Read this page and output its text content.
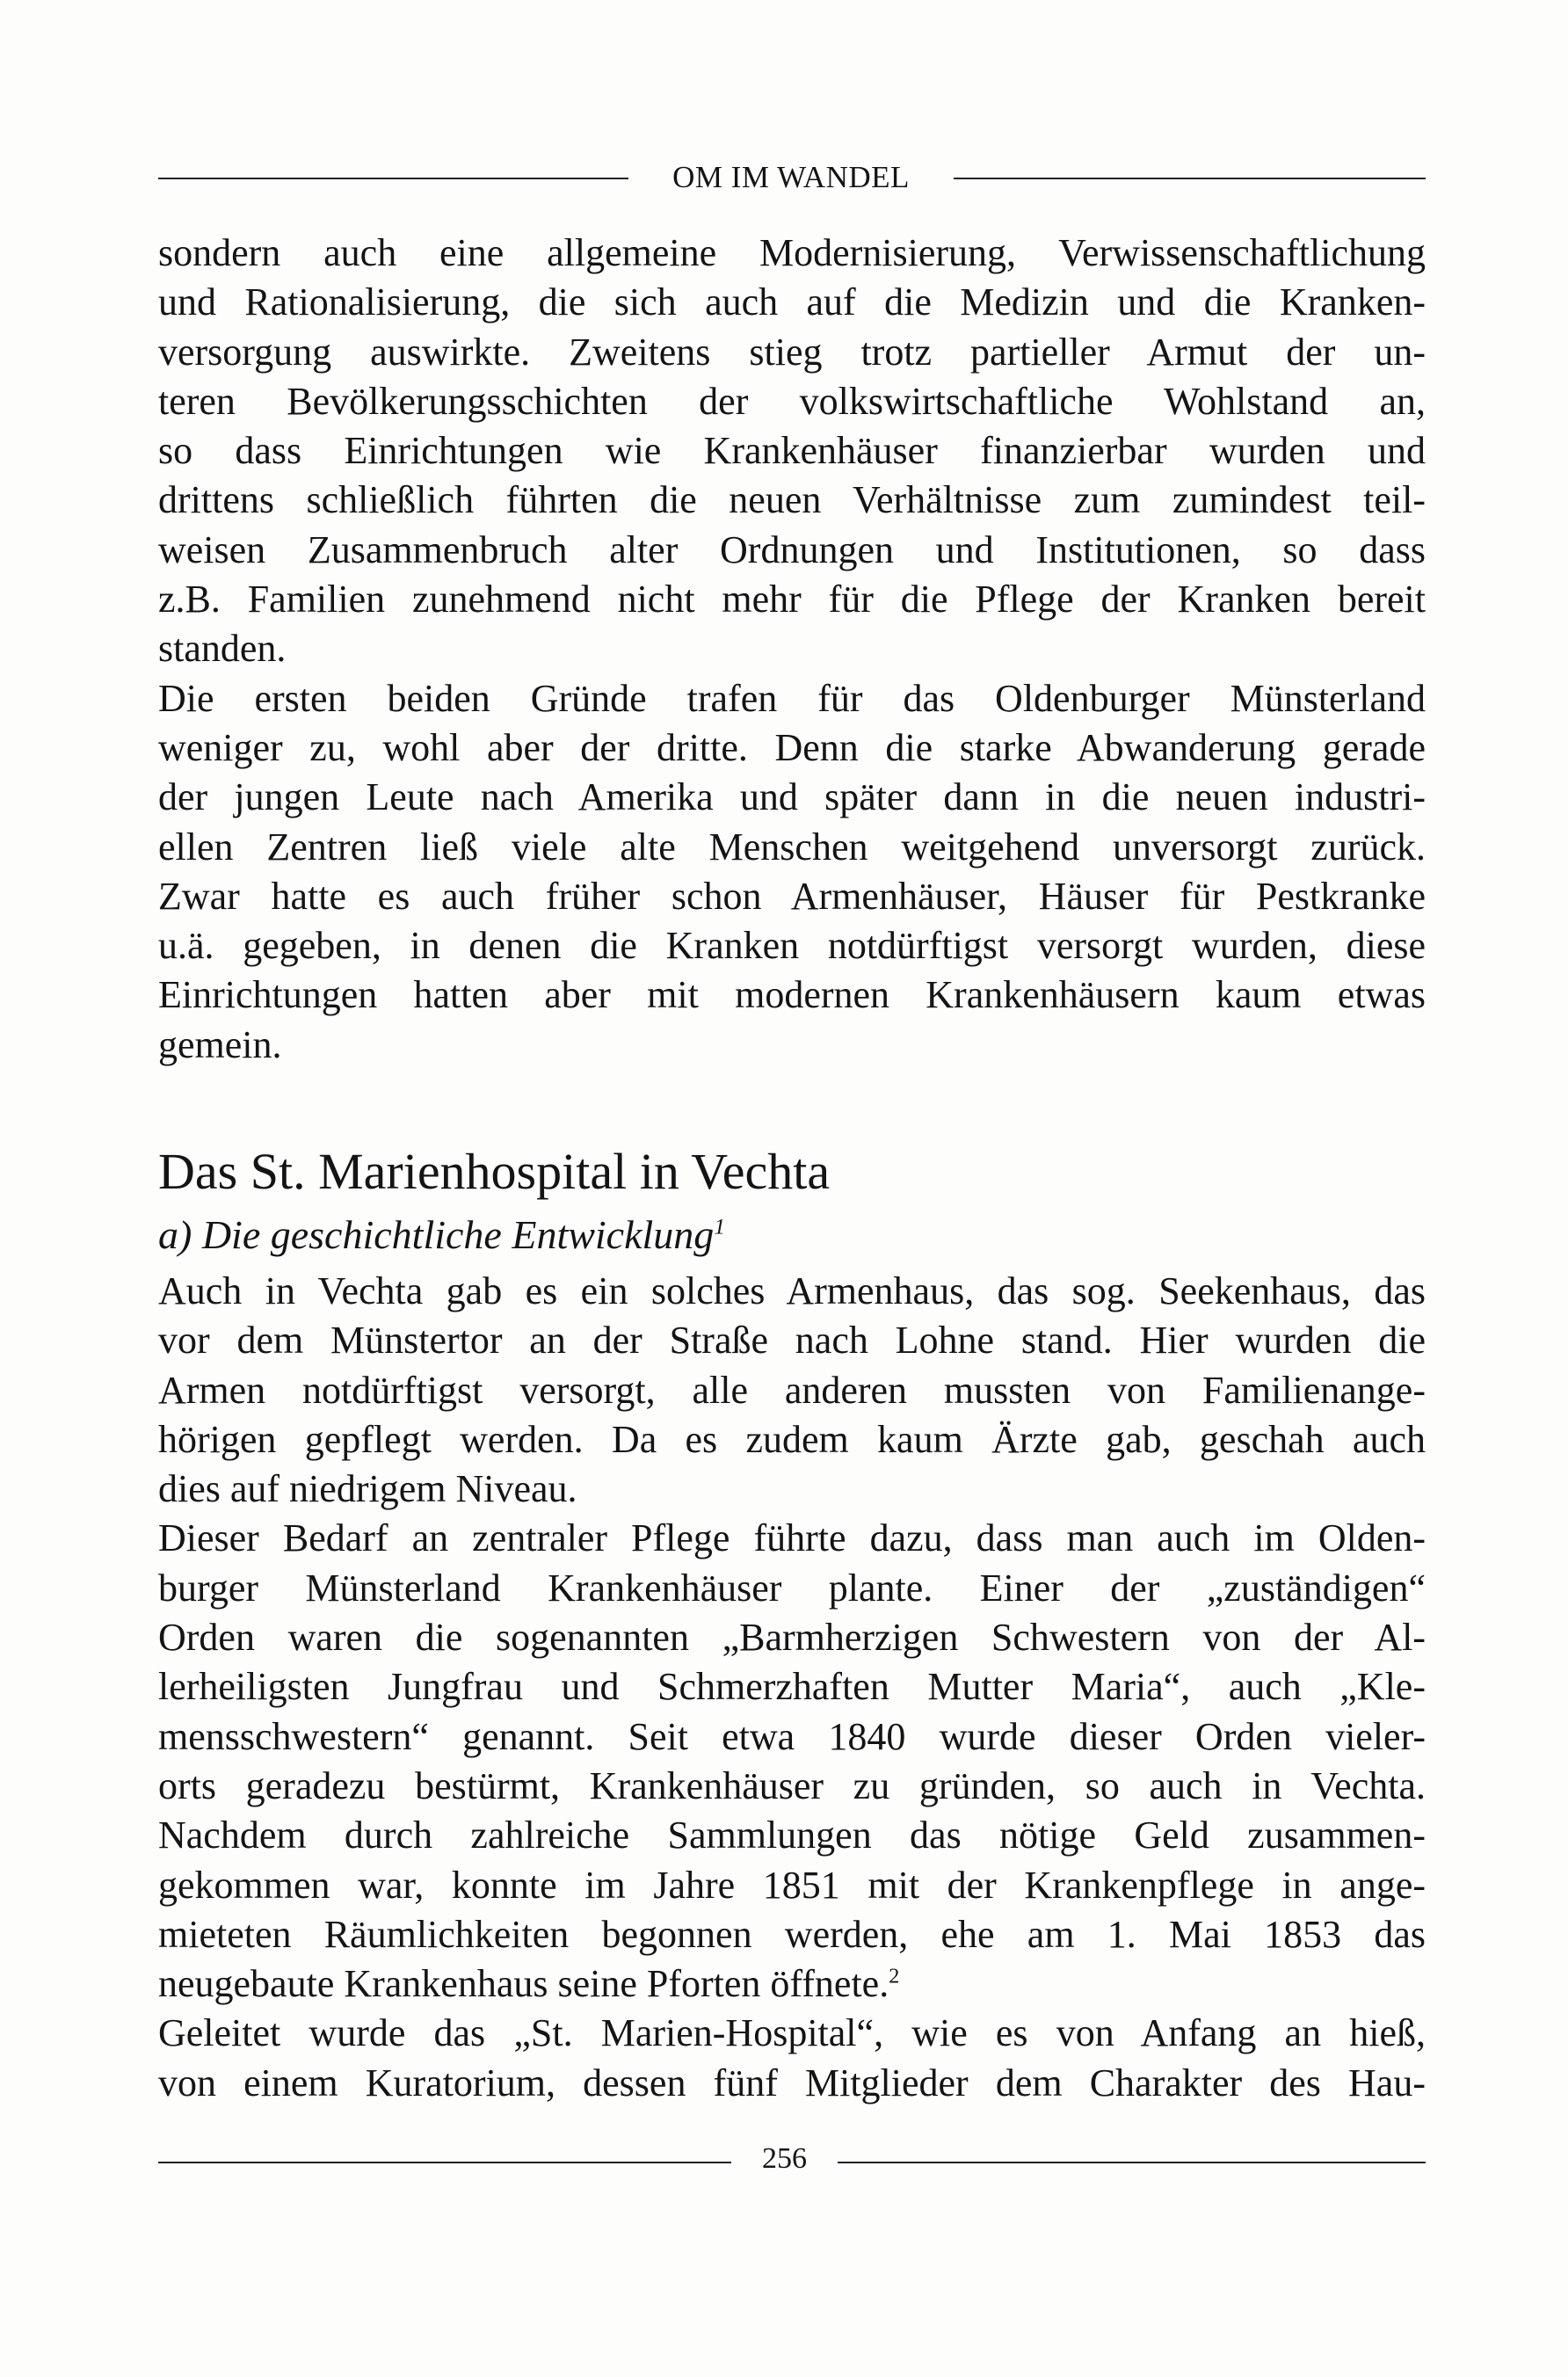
OM IM WANDEL
sondern auch eine allgemeine Modernisierung, Verwissenschaftlichung
und Rationalisierung, die sich auch auf die Medizin und die Kranken-
versorgung auswirkte. Zweitens stieg trotz partieller Armut der un-
teren Bevölkerungsschichten der volkswirtschaftliche Wohlstand an,
so dass Einrichtungen wie Krankenhäuser finanzierbar wurden und
drittens schließlich führten die neuen Verhältnisse zum zumindest teil-
weisen Zusammenbruch alter Ordnungen und Institutionen, so dass
z.B. Familien zunehmend nicht mehr für die Pflege der Kranken bereit
standen.
Die ersten beiden Gründe trafen für das Oldenburger Münsterland
weniger zu, wohl aber der dritte. Denn die starke Abwanderung gerade
der jungen Leute nach Amerika und später dann in die neuen industri-
ellen Zentren ließ viele alte Menschen weitgehend unversorgt zurück.
Zwar hatte es auch früher schon Armenhäuser, Häuser für Pestkranke
u.ä. gegeben, in denen die Kranken notdürftigst versorgt wurden, diese
Einrichtungen hatten aber mit modernen Krankenhäusern kaum etwas
gemein.
Das St. Marienhospital in Vechta
a) Die geschichtliche Entwicklung$^1$
Auch in Vechta gab es ein solches Armenhaus, das sog. Seekenhaus, das
vor dem Münstertor an der Straße nach Lohne stand. Hier wurden die
Armen notdürftigst versorgt, alle anderen mussten von Familienange-
hörigen gepflegt werden. Da es zudem kaum Ärzte gab, geschah auch
dies auf niedrigem Niveau.
Dieser Bedarf an zentraler Pflege führte dazu, dass man auch im Olden-
burger Münsterland Krankenhäuser plante. Einer der „zuständigen“
Orden waren die sogenannten „Barmherzigen Schwestern von der Al-
lerheiligsten Jungfrau und Schmerzhaften Mutter Maria“, auch „Kle-
mensschwestern“ genannt. Seit etwa 1840 wurde dieser Orden vieler-
orts geradezu bestürmt, Krankenhäuser zu gründen, so auch in Vechta.
Nachdem durch zahlreiche Sammlungen das nötige Geld zusammen-
gekommen war, konnte im Jahre 1851 mit der Krankenpflege in ange-
mieteten Räumlichkeiten begonnen werden, ehe am 1. Mai 1853 das
neugebaute Krankenhaus seine Pforten öffnete.$^2$
Geleitet wurde das „St. Marien-Hospital“, wie es von Anfang an hieß,
von einem Kuratorium, dessen fünf Mitglieder dem Charakter des Hau-
256
